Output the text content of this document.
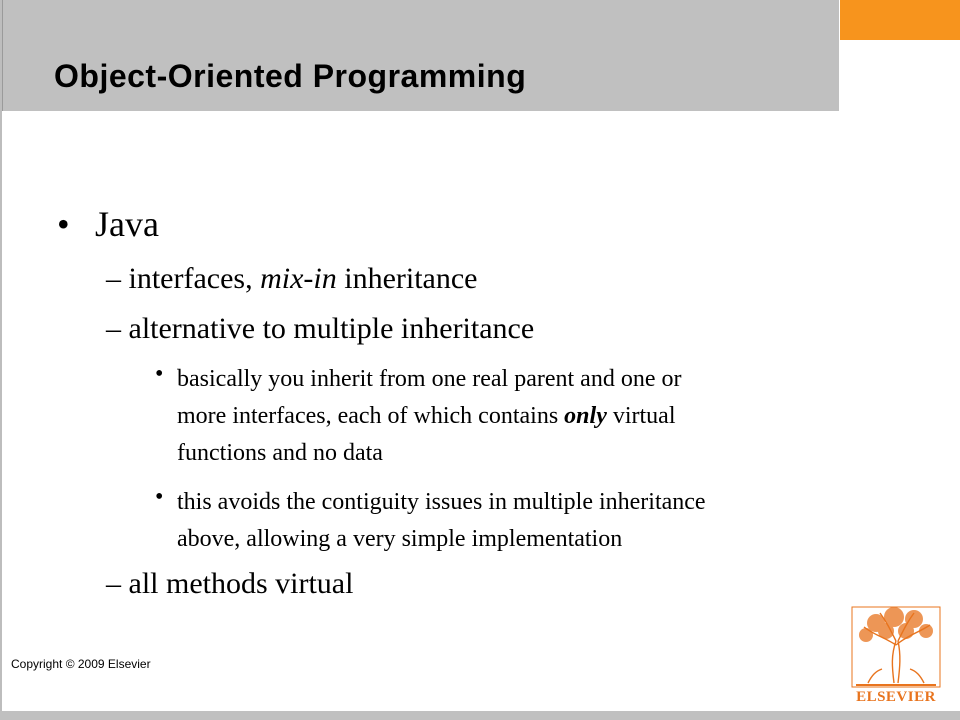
Object-Oriented Programming
• Java
– interfaces, mix-in inheritance
– alternative to multiple inheritance
• basically you inherit from one real parent and one or
more interfaces, each of which contains only virtual
functions and no data
• this avoids the contiguity issues in multiple inheritance
above, allowing a very simple implementation
– all methods virtual
Copyright © 2009 Elsevier
ELSEVIER
